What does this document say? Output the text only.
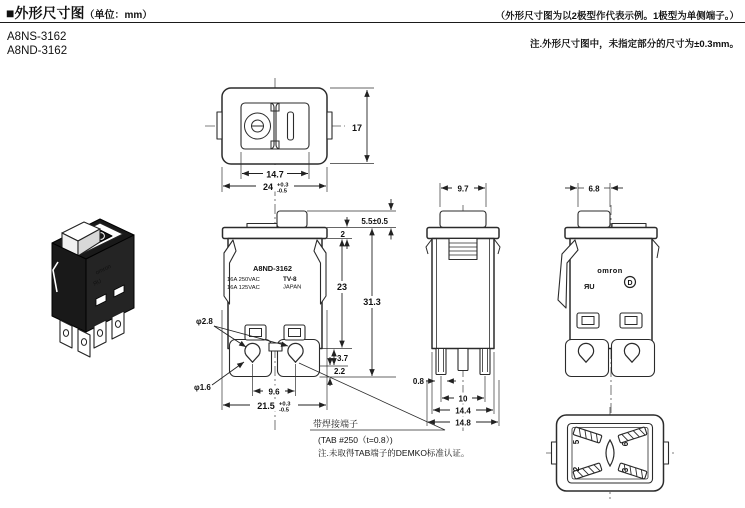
■外形尺寸图（单位：mm）	（外形尺寸图为以2极型作代表示例。1极型为单侧端子。）
A8NS-3162
A8ND-3162
注.外形尺寸图中，未指定部分的尺寸为±0.3mm。
omron
ЯU
17
14.7
24 +0.3
-0.5
A8ND-3162
16A 250VAC
16A 125VAC
TV-8
JAPAN
2
5.5±0.5
23
31.3
3.7
2.2
φ2.8
φ1.6	9.6
21.5 +0.3
-0.5
带焊接端子
(TAB #250（t=0.8）)
注.未取得TAB端子的DEMKO标准认证。
9.7
0.8
10
14.4
14.8
omron
ЯU	D
6.8
5	6
2	3
